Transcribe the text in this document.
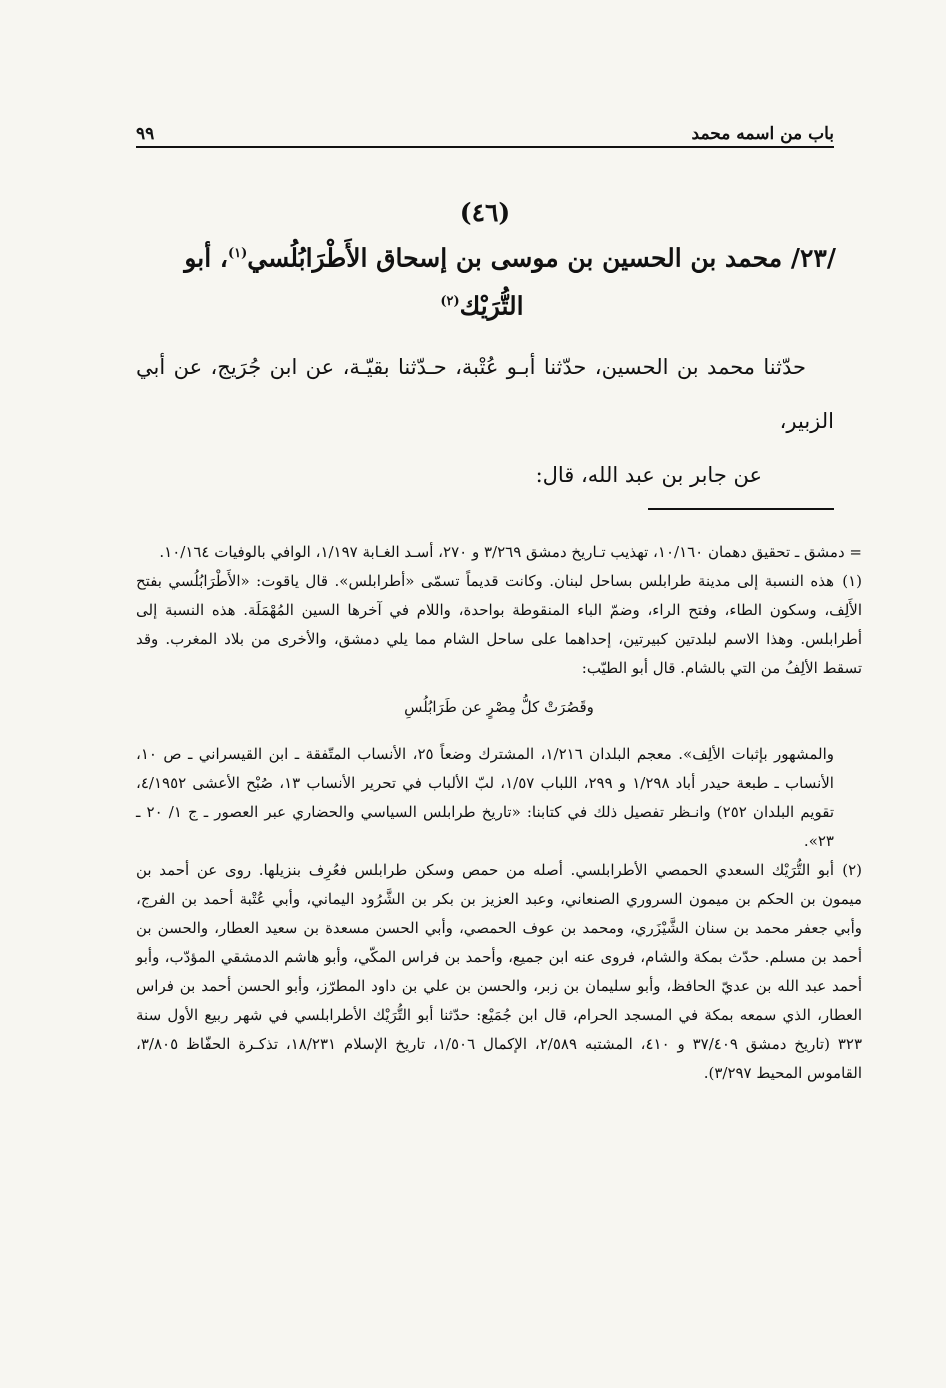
باب من اسمه محمد
٩٩
(٤٦)
/٢٣/ محمد بن الحسين بن موسى بن إسحاق الأَطْرَابُلُسي$^{(١)}$، أبو
التُّرَيْك$^{(٢)}$

حدّثنا محمد بن الحسين، حدّثنا أبـو عُتْبة، حـدّثنا بقيّـة، عن ابن جُرَيج، عن أبي الزبير،

عن جابر بن عبد الله، قال:

= دمشق ـ تحقيق دهمان ١٠/١٦٠، تهذيب تـاريخ دمشق ٣/٢٦٩ و ٢٧٠، أسـد الغـابة ١/١٩٧، الوافي بالوفيات ١٠/١٦٤.

(١)هذه النسبة إلى مدينة طرابلس بساحل لبنان. وكانت قديماً تسمّى «أطرابلس». قال ياقوت: «الأَطْرَابُلُسي بفتح الأَلِف، وسكون الطاء، وفتح الراء، وضمّ الباء المنقوطة بواحدة، واللام في آخرها السين المُهْمَلَة. هذه النسبة إلى أطرابلس. وهذا الاسم لبلدتين كبيرتين، إحداهما على ساحل الشام مما يلي دمشق، والأخرى من بلاد المغرب. وقد تسقط الألِفُ من التي بالشام. قال أبو الطيّب:

وقَصُرَتْ كلُّ مِصْرٍ عن طَرَابُلُسِ

والمشهور بإثبات الألِف». معجم البلدان ١/٢١٦، المشترك وضعاً ٢٥، الأنساب المتّفقة ـ ابن القيسراني ـ ص ١٠، الأنساب ـ طبعة حيدر أباد ١/٢٩٨ و ٢٩٩، اللباب ١/٥٧، لبّ الألباب في تحرير الأنساب ١٣، صُبْح الأعشى ٤/١٩٥٢، تقويم البلدان ٢٥٢) وانـظر تفصيل ذلك في كتابنا: «تاريخ طرابلس السياسي والحضاري عبر العصور ـ ج ١/ ٢٠ ـ ٢٣».

(٢)أبو التُّرَيْك السعدي الحمصي الأطرابلسي. أصله من حمص وسكن طرابلس فعُرِف بنزيلها. روى عن أحمد بن ميمون بن الحكم بن ميمون السروري الصنعاني، وعبد العزيز بن بكر بن الشَّرُود اليماني، وأبي عُتْبة أحمد بن الفرج، وأبي جعفر محمد بن سنان الشَّيْزَري، ومحمد بن عوف الحمصي، وأبي الحسن مسعدة بن سعيد العطار، والحسن بن أحمد بن مسلم. حدّث بمكة والشام، فروى عنه ابن جميع، وأحمد بن فراس المكّي، وأبو هاشم الدمشقي المؤدّب، وأبو أحمد عبد الله بن عديّ الحافظ، وأبو سليمان بن زبر، والحسن بن علي بن داود المطرّز، وأبو الحسن أحمد بن فراس العطار، الذي سمعه بمكة في المسجد الحرام، قال ابن جُمَيْع: حدّثنا أبو التُّرَيْك الأطرابلسي في شهر ربيع الأول سنة ٣٢٣ (تاريخ دمشق ٣٧/٤٠٩ و ٤١٠، المشتبه ٢/٥٨٩، الإكمال ١/٥٠٦، تاريخ الإسلام ١٨/٢٣١، تذكـرة الحفّاظ ٣/٨٠٥، القاموس المحيط ٣/٢٩٧).
